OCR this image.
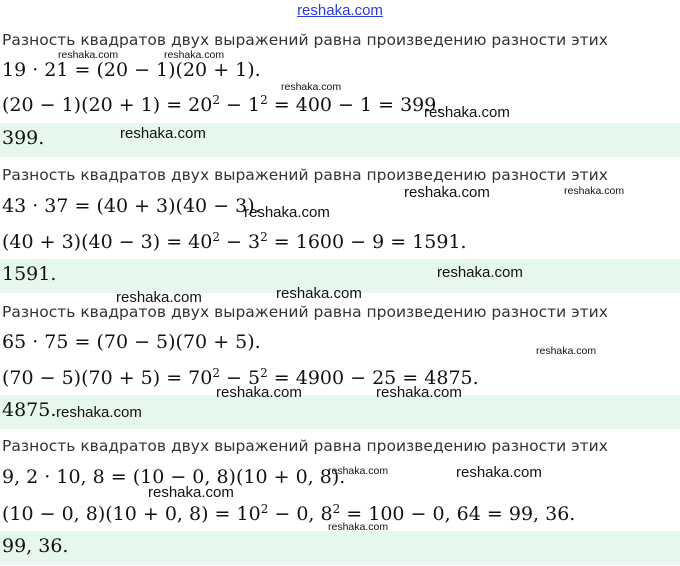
reshaka.com
Разность квадратов двух выражений равна произведению разности этих
19 · 21 = (20 − 1)(20 + 1).
$(20 - 1)(20 + 1) = 20^2 - 1^2 = 400 - 1 = 399$.
399.
Разность квадратов двух выражений равна произведению разности этих
43 · 37 = (40 + 3)(40 − 3).
$(40 + 3)(40 - 3) = 40^2 - 3^2 = 1600 - 9 = 1591$.
1591.
Разность квадратов двух выражений равна произведению разности этих
65 · 75 = (70 − 5)(70 + 5).
$(70 - 5)(70 + 5) = 70^2 - 5^2 = 4900 - 25 = 4875$.
4875.
Разность квадратов двух выражений равна произведению разности этих
9, 2 · 10, 8 = (10 − 0, 8)(10 + 0, 8).
(10 − 0, 8)(10 + 0, $8) = 10^2 - 0$, $8^2 = 100 - 0$, 64 = 99, 36.
99, 36.
reshaka.com	reshaka.com
reshaka.com
reshaka.com
reshaka.com
reshaka.com	reshaka.com
reshaka.com
reshaka.com
reshaka.com	reshaka.com
reshaka.com
reshaka.com	reshaka.com
reshaka.com
reshaka.com	reshaka.com
reshaka.com
reshaka.com
